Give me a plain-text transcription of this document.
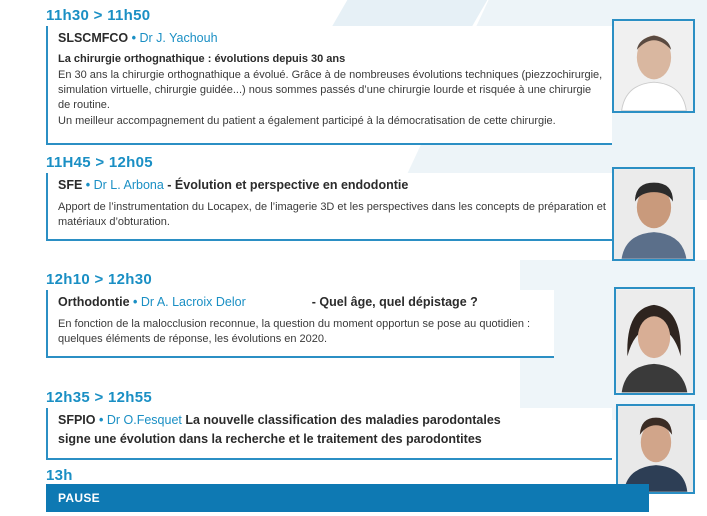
11h30 > 11h50
SLSCMFCO • Dr J. Yachouh
La chirurgie orthognathique : évolutions depuis 30 ans
En 30 ans la chirurgie orthognathique a évolué. Grâce à de nombreuses évolutions techniques (piezzochirurgie, simulation virtuelle, chirurgie guidée...) nous sommes passés d’une chirurgie lourde et risquée à une chirurgie de routine.
Un meilleur accompagnement du patient a également participé à la démocratisation de cette chirurgie.
11H45 > 12h05
SFE • Dr L. Arbona - Évolution et perspective en endodontie
Apport de l’instrumentation du Locapex, de l’imagerie 3D et les perspectives dans les concepts de préparation et matériaux d’obturation.
12h10 > 12h30
Orthodontie • Dr A. Lacroix Delor	- Quel âge, quel dépistage ?
En fonction de la malocclusion reconnue, la question du moment opportun se pose au quotidien : quelques éléments de réponse, les évolutions en 2020.
12h35 > 12h55
SFPIO • Dr O.Fesquet La nouvelle classification des maladies parodontales
signe une évolution dans la recherche et le traitement des parodontites
13h
PAUSE
